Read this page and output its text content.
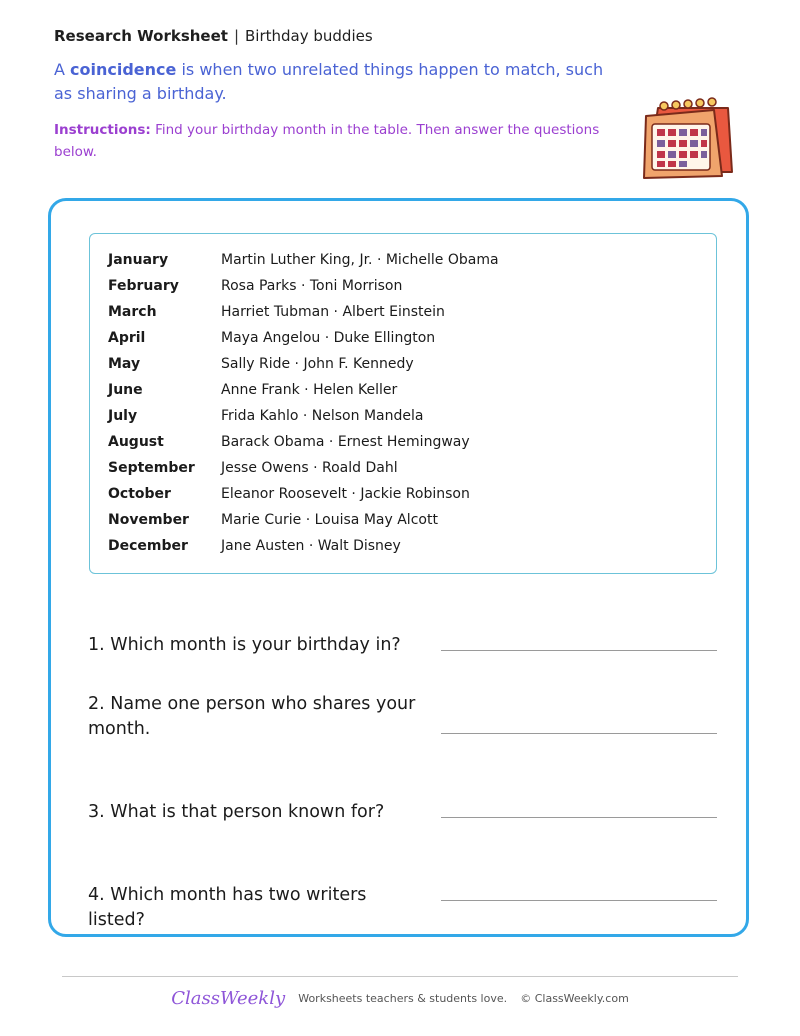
Research Worksheet | Birthday buddies
A coincidence is when two unrelated things happen to match, such as sharing a birthday.
Instructions: Find your birthday month in the table. Then answer the questions below.
January	Martin Luther King, Jr. · Michelle Obama
February	Rosa Parks · Toni Morrison
March	Harriet Tubman · Albert Einstein
April	Maya Angelou · Duke Ellington
May	Sally Ride · John F. Kennedy
June	Anne Frank · Helen Keller
July	Frida Kahlo · Nelson Mandela
August	Barack Obama · Ernest Hemingway
September	Jesse Owens · Roald Dahl
October	Eleanor Roosevelt · Jackie Robinson
November	Marie Curie · Louisa May Alcott
December	Jane Austen · Walt Disney
1. Which month is your birthday in?
2. Name one person who shares your month.
3. What is that person known for?
4. Which month has two writers listed?
ClassWeekly Worksheets teachers & students love. © ClassWeekly.com
